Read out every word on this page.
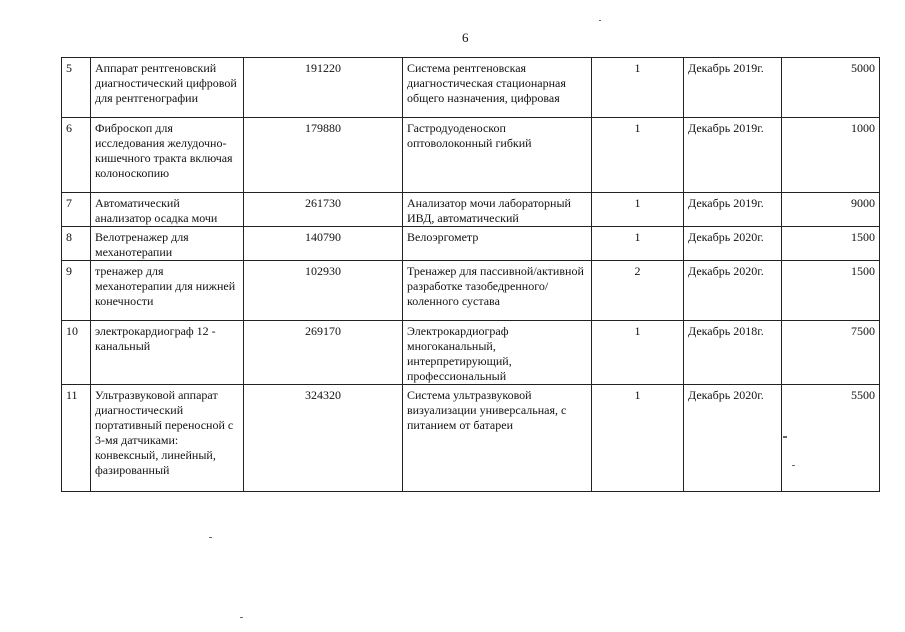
6
5	Аппарат рентгеновский диагностический цифровой для рентгенографии	191220	Система рентгеновская диагностическая стационарная общего назначения, цифровая	1	Декабрь 2019г.	5000
6	Фиброскоп для исследования желудочно-кишечного тракта включая колоноскопию	179880	Гастродуоденоскоп оптоволоконный гибкий	1	Декабрь 2019г.	1000
7	Автоматический анализатор осадка мочи	261730	Анализатор мочи лабораторный ИВД, автоматический	1	Декабрь 2019г.	9000
8	Велотренажер для механотерапии	140790	Велоэргометр	1	Декабрь 2020г.	1500
9	тренажер для механотерапии для нижней конечности	102930	Тренажер для пассивной/активной разработке тазобедренного/коленного сустава	2	Декабрь 2020г.	1500
10	электрокардиограф 12 - канальный	269170	Электрокардиограф многоканальный, интерпретирующий, профессиональный	1	Декабрь 2018г.	7500
11	Ультразвуковой аппарат диагностический портативный переносной с 3-мя датчиками: конвексный, линейный, фазированный	324320	Система ультразвуковой визуализации универсальная, с питанием от батареи	1	Декабрь 2020г.	5500
